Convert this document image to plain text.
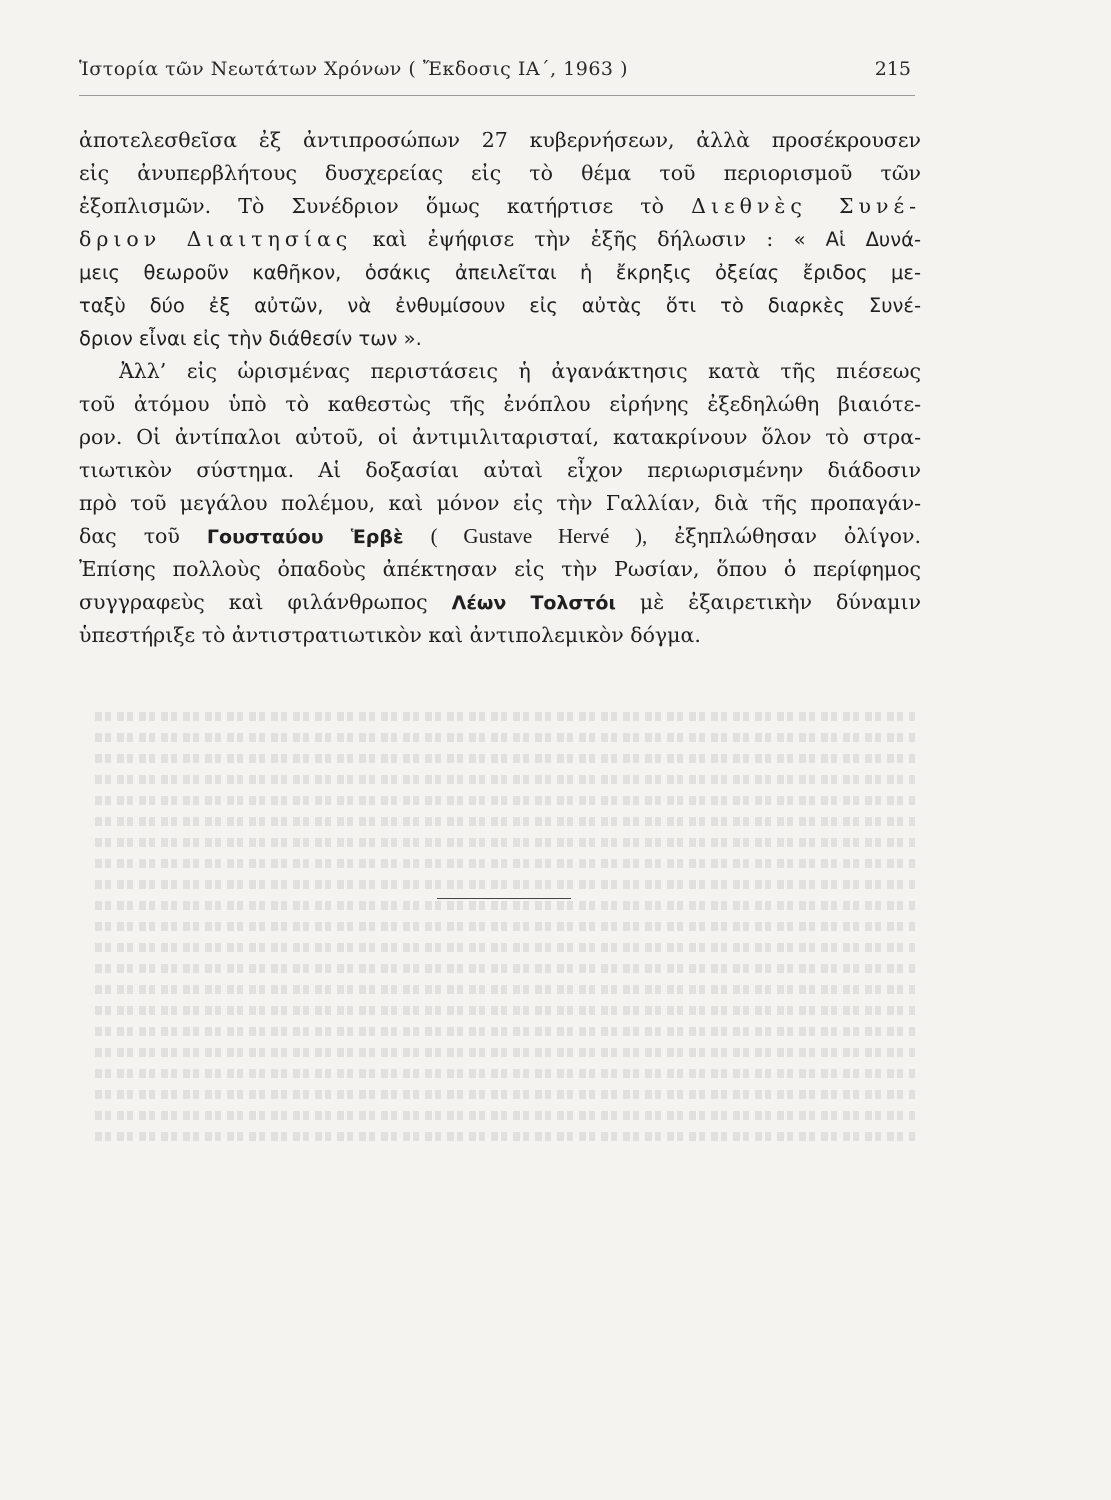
Ἱστορία τῶν Νεωτάτων Χρόνων ( Ἔκδοσις ΙΑ΄, 1963 )	215
ἀποτελεσθεῖσα ἐξ ἀντιπροσώπων 27 κυβερνήσεων, ἀλλὰ προσέκρουσεν
εἰς ἀνυπερβλήτους δυσχερείας εἰς τὸ θέμα τοῦ περιορισμοῦ τῶν
ἐξοπλισμῶν. Τὸ Συνέδριον ὅμως κατήρτισε τὸ Διεθνὲς Συνέ-
δριον Διαιτησίας καὶ ἐψήφισε τὴν ἑξῆς δήλωσιν : « Αἱ Δυνά-
μεις θεωροῦν καθῆκον, ὁσάκις ἀπειλεῖται ἡ ἔκρηξις ὀξείας ἔριδος με-
ταξὺ δύο ἐξ αὐτῶν, νὰ ἐνθυμίσουν εἰς αὐτὰς ὅτι τὸ διαρκὲς Συνέ-
δριον εἶναι εἰς τὴν διάθεσίν των ».
Ἀλλ’ εἰς ὡρισμένας περιστάσεις ἡ ἀγανάκτησις κατὰ τῆς πιέσεως
τοῦ ἀτόμου ὑπὸ τὸ καθεστὼς τῆς ἐνόπλου εἰρήνης ἐξεδηλώθη βιαιότε-
ρον. Οἱ ἀντίπαλοι αὐτοῦ, οἱ ἀντιμιλιταρισταί, κατακρίνουν ὅλον τὸ στρα-
τιωτικὸν σύστημα. Αἱ δοξασίαι αὐταὶ εἶχον περιωρισμένην διάδοσιν
πρὸ τοῦ μεγάλου πολέμου, καὶ μόνον εἰς τὴν Γαλλίαν, διὰ τῆς προπαγάν-
δας τοῦ Γουσταύου Ἑρβὲ ( Gustave Hervé ), ἐξηπλώθησαν ὀλίγον.
Ἐπίσης πολλοὺς ὀπαδοὺς ἀπέκτησαν εἰς τὴν Ρωσίαν, ὅπου ὁ περίφημος
συγγραφεὺς καὶ φιλάνθρωπος Λέων Τολστόι μὲ ἐξαιρετικὴν δύναμιν
ὑπεστήριξε τὸ ἀντιστρατιωτικὸν καὶ ἀντιπολεμικὸν δόγμα.
